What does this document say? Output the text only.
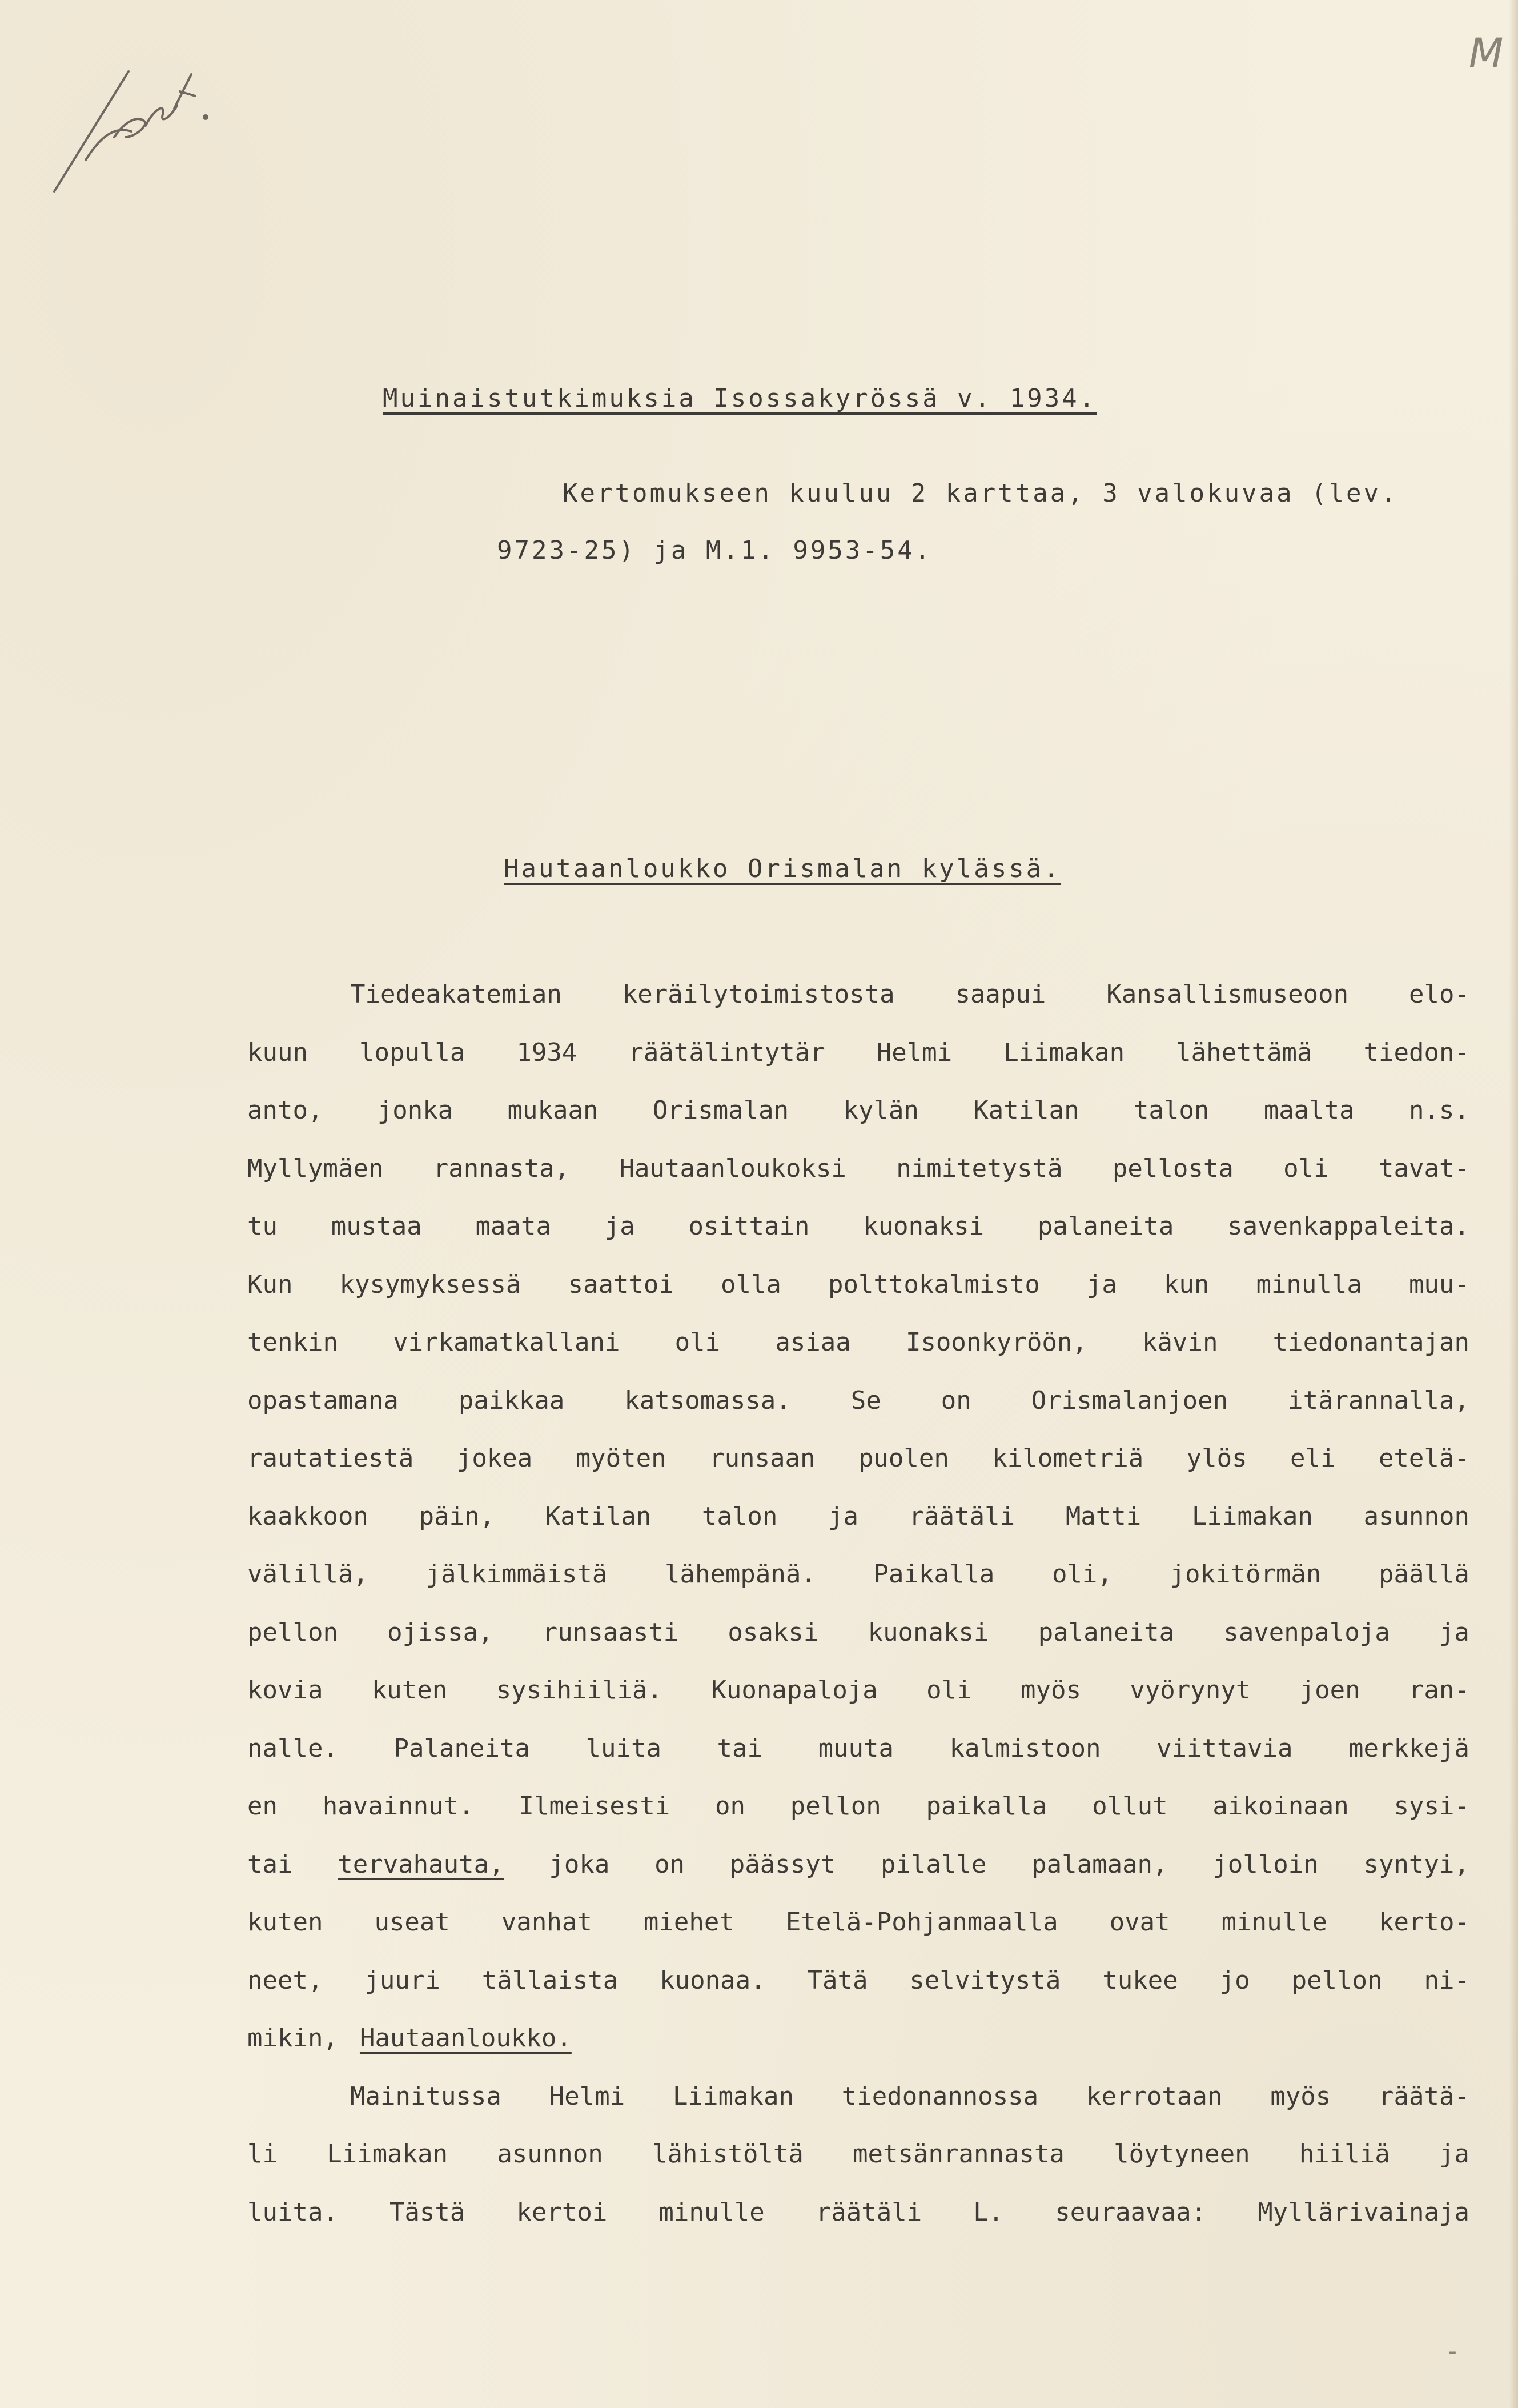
M
Muinaistutkimuksia Isossakyrössä v. 1934.
Kertomukseen kuuluu 2 karttaa, 3 valokuvaa (lev.
9723-25) ja M.1. 9953-54.
Hautaanloukko Orismalan kylässä.
Tiedeakatemian keräilytoimistosta saapui Kansallismuseoon elo-
kuun lopulla 1934 räätälintytär Helmi Liimakan lähettämä tiedon-
anto, jonka mukaan Orismalan kylän Katilan talon maalta n.s.
Myllymäen rannasta, Hautaanloukoksi nimitetystä pellosta oli tavat-
tu mustaa maata ja osittain kuonaksi palaneita savenkappaleita.
Kun kysymyksessä saattoi olla polttokalmisto ja kun minulla muu-
tenkin virkamatkallani oli asiaa Isoonkyröön, kävin tiedonantajan
opastamana paikkaa katsomassa. Se on Orismalanjoen itärannalla,
rautatiestä jokea myöten runsaan puolen kilometriä ylös eli etelä-
kaakkoon päin, Katilan talon ja räätäli Matti Liimakan asunnon
välillä, jälkimmäistä lähempänä. Paikalla oli, jokitörmän päällä
pellon ojissa, runsaasti osaksi kuonaksi palaneita savenpaloja ja
kovia kuten sysihiiliä. Kuonapaloja oli myös vyörynyt joen ran-
nalle. Palaneita luita tai muuta kalmistoon viittavia merkkejä
en havainnut. Ilmeisesti on pellon paikalla ollut aikoinaan sysi-
tai tervahauta, joka on päässyt pilalle palamaan, jolloin syntyi,
kuten useat vanhat miehet Etelä-Pohjanmaalla ovat minulle kerto-
neet, juuri tällaista kuonaa. Tätä selvitystä tukee jo pellon ni-
mikin, Hautaanloukko.
Mainitussa Helmi Liimakan tiedonannossa kerrotaan myös räätä-
li Liimakan asunnon lähistöltä metsänrannasta löytyneen hiiliä ja
luita. Tästä kertoi minulle räätäli L. seuraavaa: Myllärivainaja
-
